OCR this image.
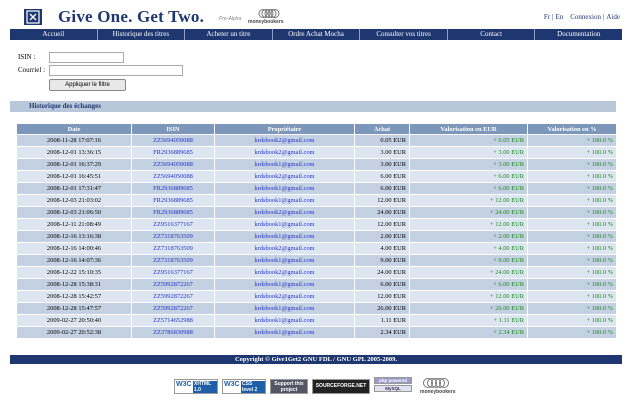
Give One. Get Two.	Pre-Alpha moneybookers
Fr | En Connexion | Aide
Accueil	Historique des titres	Acheter un titre	Ordre Achat Mocha	Consulter vos titres	Contact	Documentation
ISIN :
Courriel :
Appliquer le filtre
Historique des échanges
Date	ISIN	Propriétaire	Achat	Valorisation en EUR	Valorisation en %
2008-11-28 17:07:16	ZZ5694050088	krdsbook2@gmail.com	0.05 EUR	+ 0.05 EUR	+ 100.0 %
2008-12-01 13:36:15	FR2936889685	krdsbook2@gmail.com	3.00 EUR	+ 3.00 EUR	+ 100.0 %
2008-12-01 16:37:29	ZZ5694050088	krdsbook1@gmail.com	3.00 EUR	+ 3.00 EUR	+ 100.0 %
2008-12-01 16:45:51	ZZ5694050088	krdsbook2@gmail.com	6.00 EUR	+ 6.00 EUR	+ 100.0 %
2008-12-01 17:31:47	FR2936889685	krdsbook1@gmail.com	6.00 EUR	+ 6.00 EUR	+ 100.0 %
2008-12-03 21:03:02	FR2936889685	krdsbook1@gmail.com	12.00 EUR	+ 12.00 EUR	+ 100.0 %
2008-12-03 21:06:50	FR2936889685	krdsbook2@gmail.com	24.00 EUR	+ 24.00 EUR	+ 100.0 %
2008-12-11 21:08:49	ZZ9516377167	krdsbook1@gmail.com	12.00 EUR	+ 12.00 EUR	+ 100.0 %
2008-12-16 13:16:38	ZZ7318763509	krdsbook1@gmail.com	2.00 EUR	+ 2.00 EUR	+ 100.0 %
2008-12-16 14:00:46	ZZ7318763509	krdsbook2@gmail.com	4.00 EUR	+ 4.00 EUR	+ 100.0 %
2008-12-16 14:07:36	ZZ7318763509	krdsbook1@gmail.com	9.00 EUR	+ 9.00 EUR	+ 100.0 %
2008-12-22 15:10:35	ZZ9516377167	krdsbook2@gmail.com	24.00 EUR	+ 24.00 EUR	+ 100.0 %
2008-12-28 15:38:31	ZZ5992872267	krdsbook1@gmail.com	6.00 EUR	+ 6.00 EUR	+ 100.0 %
2008-12-28 15:42:57	ZZ5992872267	krdsbook2@gmail.com	12.00 EUR	+ 12.00 EUR	+ 100.0 %
2008-12-28 15:47:57	ZZ5992872267	krdsbook1@gmail.com	26.00 EUR	+ 26.00 EUR	+ 100.0 %
2009-02-27 20:50:40	ZZ5714652988	krdsbook1@gmail.com	1.11 EUR	+ 1.11 EUR	+ 100.0 %
2009-02-27 20:52:38	ZZ3786830988	krdsbook1@gmail.com	2.34 EUR	+ 2.34 EUR	+ 100.0 %
Copyright © Give1Get2 GNU FDL / GNU GPL 2005-2009.
W3C XHTML 1.0
W3C CSS level 2
Support this project
SOURCEFORGE.NET
php powered
MySQL
moneybookers
